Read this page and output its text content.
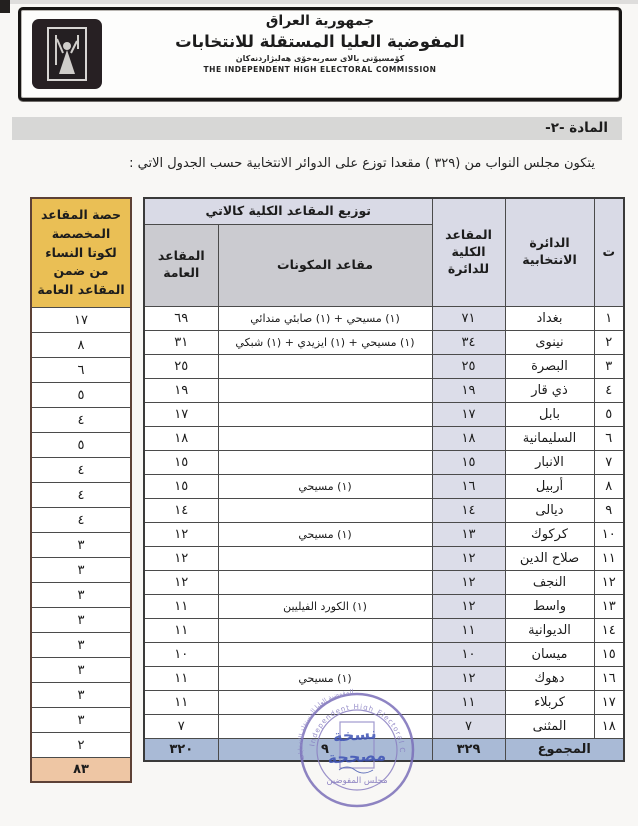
جمهورية العراق
المفوضية العليا المستقلة للانتخابات
كۆمسيۆنى بالاى سەربەخۆى هەلبژاردنەكان
THE INDEPENDENT HIGH ELECTORAL COMMISSION
المادة -٢-
يتكون مجلس النواب من (٣٢٩ ) مقعدا توزع على الدوائر الانتخابية حسب الجدول الاتي :
حصة المقاعد المخصصة لكوتا النساء من ضمن المقاعد العامة
١٧
٨
٦
٥
٤
٥
٤
٤
٤
٣
٣
٣
٣
٣
٣
٣
٣
٢
٨٣
ت	الدائرة الانتخابية	المقاعد الكلية للدائرة	توزيع المقاعد الكلية كالاتي	
			مقاعد المكونات	المقاعد العامة
١	بغداد	٧١	(١) مسيحي + (١) صابئي مندائي	٦٩
٢	نينوى	٣٤	(١) مسيحي + (١) ايزيدي + (١) شبكي	٣١
٣	البصرة	٢٥		٢٥
٤	ذي قار	١٩		١٩
٥	بابل	١٧		١٧
٦	السليمانية	١٨		١٨
٧	الانبار	١٥		١٥
٨	أربيل	١٦	(١) مسيحي	١٥
٩	ديالى	١٤		١٤
١٠	كركوك	١٣	(١) مسيحي	١٢
١١	صلاح الدين	١٢		١٢
١٢	النجف	١٢		١٢
١٣	واسط	١٢	(١) الكورد الفيليين	١١
١٤	الديوانية	١١		١١
١٥	ميسان	١٠		١٠
١٦	دهوك	١٢	(١) مسيحي	١١
١٧	كربلاء	١١		١١
١٨	المثنى	٧		٧
المجموع		٣٢٩	٩	٣٢٠	Independent High Electoral C
المفوضية العليا المستقلة للانتخابات
نسخة
مصححة
مجلس المفوضين
